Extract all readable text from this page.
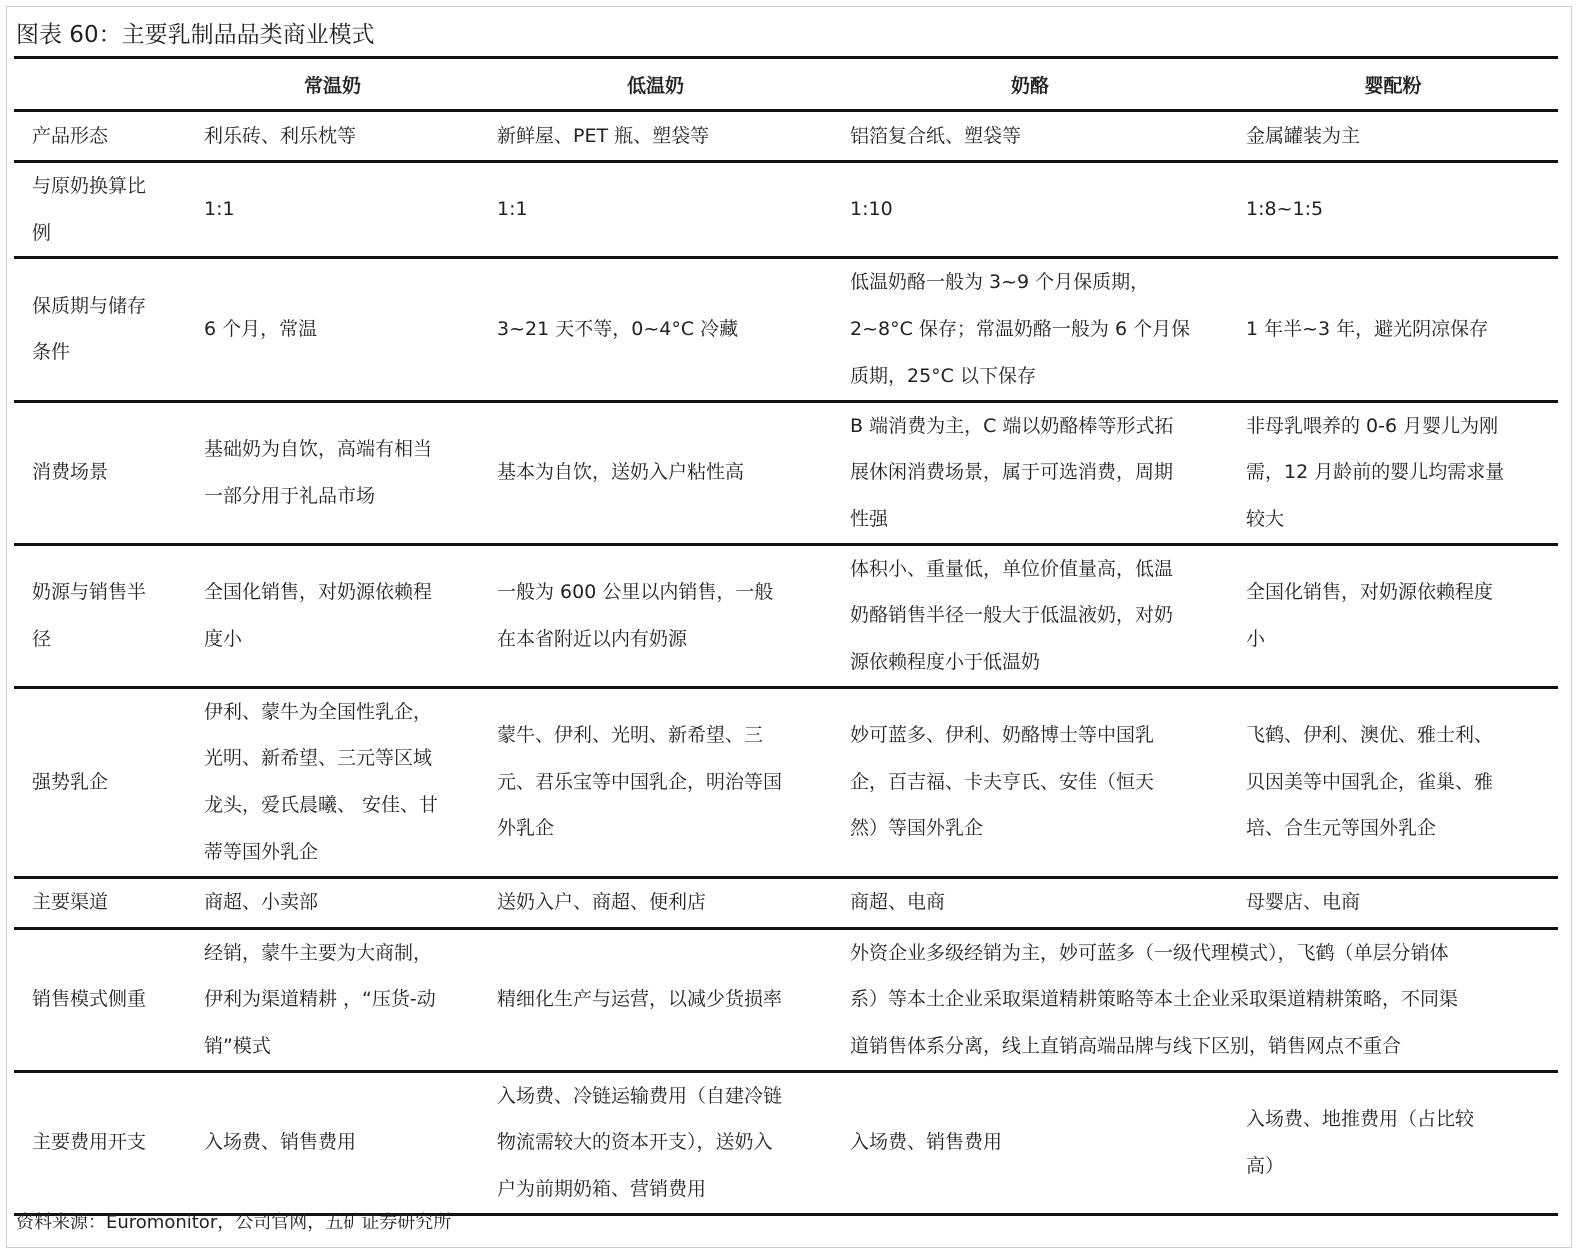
图表 60：主要乳制品品类商业模式
	常温奶	低温奶	奶酪	婴配粉

产品形态	利乐砖、利乐枕等	新鲜屋、PET 瓶、塑袋等	铝箔复合纸、塑袋等	金属罐装为主

与原奶换算比
例	1:1	1:1	1:10	1:8~1:5

保质期与储存
条件	6 个月，常温	3~21 天不等，0~4°C 冷藏	低温奶酪一般为 3~9 个月保质期，
2~8°C 保存；常温奶酪一般为 6 个月保
质期，25°C 以下保存	1 年半~3 年，避光阴凉保存

消费场景	基础奶为自饮，高端有相当
一部分用于礼品市场	基本为自饮，送奶入户粘性高	B 端消费为主，C 端以奶酪棒等形式拓
展休闲消费场景，属于可选消费，周期
性强	非母乳喂养的 0-6 月婴儿为刚
需，12 月龄前的婴儿均需求量
较大

奶源与销售半
径	全国化销售，对奶源依赖程
度小	一般为 600 公里以内销售，一般
在本省附近以内有奶源	体积小、重量低，单位价值量高，低温
奶酪销售半径一般大于低温液奶，对奶
源依赖程度小于低温奶	全国化销售，对奶源依赖程度
小

强势乳企	伊利、蒙牛为全国性乳企，
光明、新希望、三元等区域
龙头，爱氏晨曦、 安佳、甘
蒂等国外乳企	蒙牛、伊利、光明、新希望、三
元、君乐宝等中国乳企，明治等国
外乳企	妙可蓝多、伊利、奶酪博士等中国乳
企，百吉福、卡夫亨氏、安佳（恒天
然）等国外乳企	飞鹤、伊利、澳优、雅士利、
贝因美等中国乳企，雀巢、雅
培、合生元等国外乳企

主要渠道	商超、小卖部	送奶入户、商超、便利店	商超、电商	母婴店、电商

销售模式侧重	经销，蒙牛主要为大商制，
伊利为渠道精耕 ，“压货-动
销”模式	精细化生产与运营，以减少货损率	外资企业多级经销为主，妙可蓝多（一级代理模式），飞鹤（单层分销体
系）等本土企业采取渠道精耕策略等本土企业采取渠道精耕策略，不同渠
道销售体系分离，线上直销高端品牌与线下区别，销售网点不重合	

主要费用开支	入场费、销售费用	入场费、冷链运输费用（自建冷链
物流需较大的资本开支），送奶入
户为前期奶箱、营销费用	入场费、销售费用	入场费、地推费用（占比较
高）
资料来源：Euromonitor，公司官网，五矿证券研究所
